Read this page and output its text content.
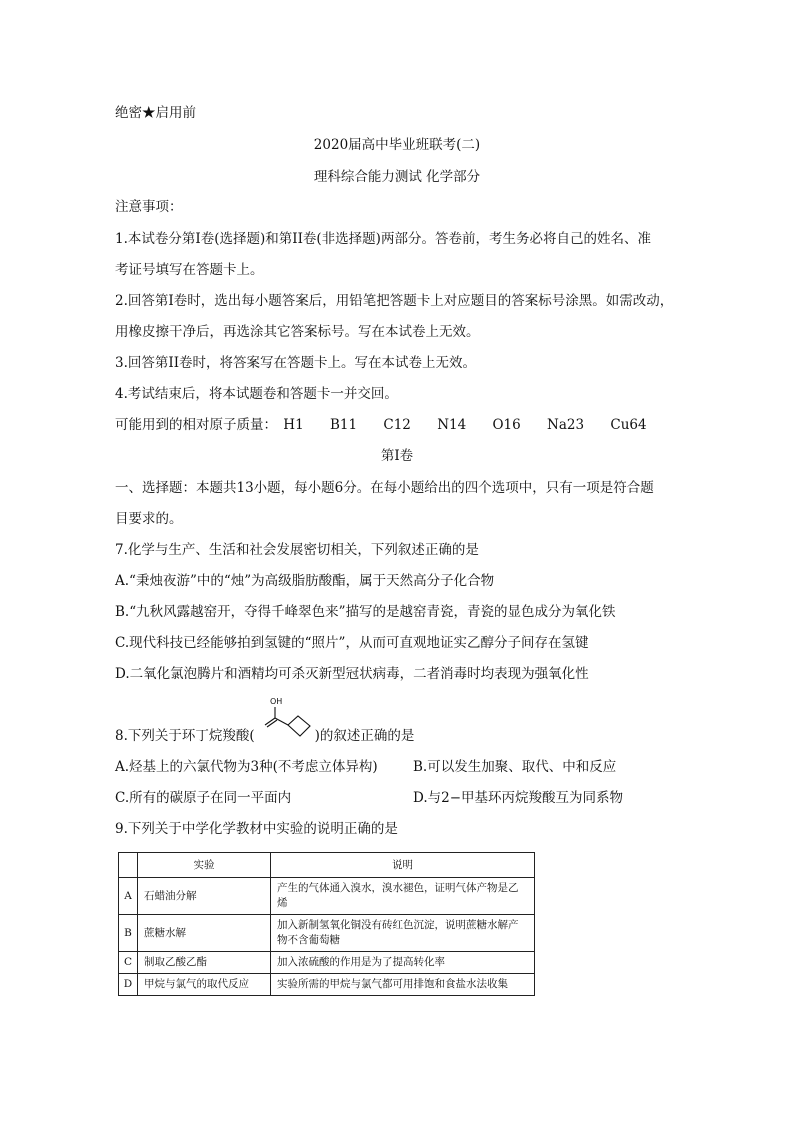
绝密★启用前
2020届高中毕业班联考(二)
理科综合能力测试 化学部分
注意事项：
1.本试卷分第I卷(选择题)和第II卷(非选择题)两部分。答卷前，考生务必将自己的姓名、准
考证号填写在答题卡上。
2.回答第I卷时，选出每小题答案后，用铅笔把答题卡上对应题目的答案标号涂黑。如需改动，
用橡皮擦干净后，再选涂其它答案标号。写在本试卷上无效。
3.回答第II卷时，将答案写在答题卡上。写在本试卷上无效。
4.考试结束后，将本试题卷和答题卡一并交回。
可能用到的相对原子质量： H1 B11 C12 N14 O16 Na23 Cu64
第I卷
一、选择题：本题共13小题，每小题6分。在每小题给出的四个选项中，只有一项是符合题
目要求的。
7.化学与生产、生活和社会发展密切相关，下列叙述正确的是
A.“秉烛夜游”中的“烛”为高级脂肪酸酯，属于天然高分子化合物
B.“九秋风露越窑开，夺得千峰翠色来”描写的是越窑青瓷，青瓷的显色成分为氧化铁
C.现代科技已经能够拍到氢键的“照片”，从而可直观地证实乙醇分子间存在氢键
D.二氧化氯泡腾片和酒精均可杀灭新型冠状病毒，二者消毒时均表现为强氧化性
8.下列关于环丁烷羧酸(	)的叙述正确的是
OH
A.烃基上的六氯代物为3种(不考虑立体异构)	B.可以发生加聚、取代、中和反应
C.所有的碳原子在同一平面内	D.与2−甲基环丙烷羧酸互为同系物
9.下列关于中学化学教材中实验的说明正确的是
	实验	说明
A	石蜡油分解	产生的气体通入溴水，溴水褪色，证明气体产物是乙烯
B	蔗糖水解	加入新制氢氧化铜没有砖红色沉淀，说明蔗糖水解产物不含葡萄糖
C	制取乙酸乙酯	加入浓硫酸的作用是为了提高转化率
D	甲烷与氯气的取代反应	实验所需的甲烷与氯气都可用排饱和食盐水法收集
